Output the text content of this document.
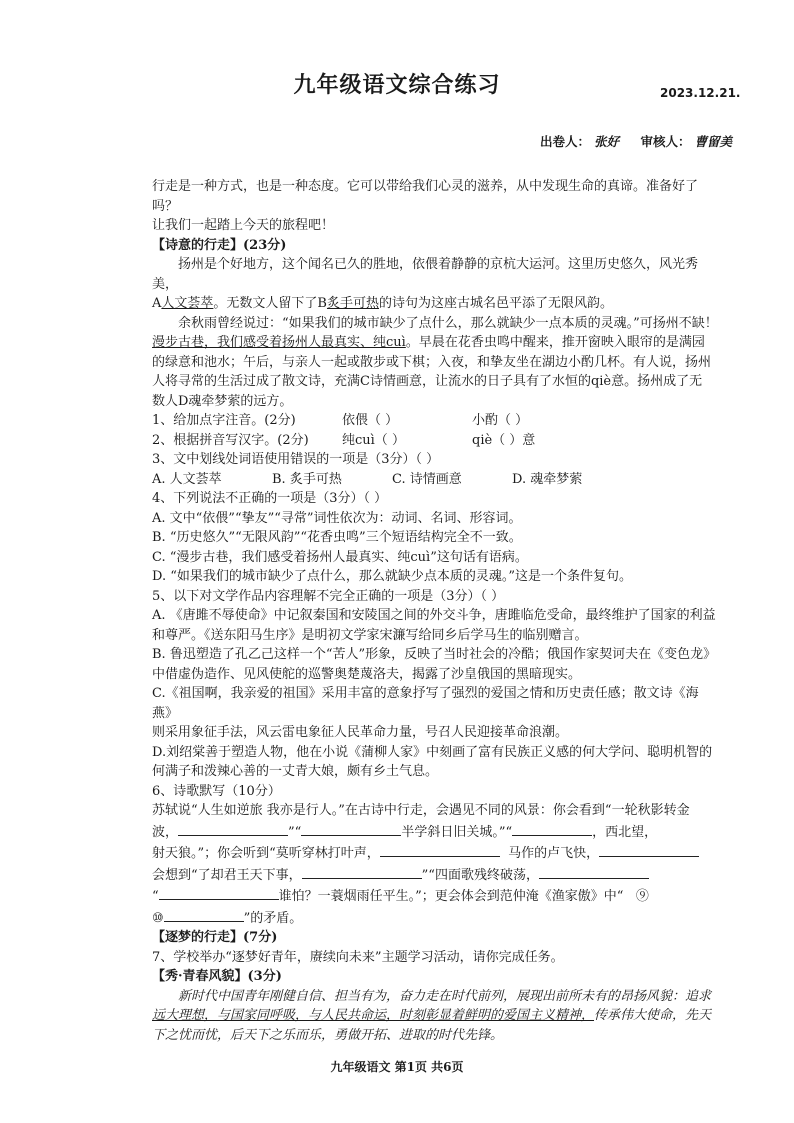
九年级语文综合练习	2023.12.21.
出卷人： 张好 审核人： 曹留美

行走是一种方式，也是一种态度。它可以带给我们心灵的滋养，从中发现生命的真谛。准备好了吗？

让我们一起踏上今天的旅程吧！

【诗意的行走】(23分)

扬州是个好地方，这个闻名已久的胜地，依偎着静静的京杭大运河。这里历史悠久，风光秀美，

A人文荟萃。无数文人留下了B炙手可热的诗句为这座古城名邑平添了无限风韵。

余秋雨曾经说过：“如果我们的城市缺少了点什么，那么就缺少一点本质的灵魂。”可扬州不缺！

漫步古巷，我们感受着扬州人最真实、纯cuì。早晨在花香虫鸣中醒来，推开窗映入眼帘的是满园

的绿意和池水；午后，与亲人一起或散步或下棋；入夜，和挚友坐在湖边小酌几杯。有人说，扬州

人将寻常的生活过成了散文诗，充满C诗情画意，让流水的日子具有了水恒的qiè意。扬州成了无

数人D魂牵梦萦的远方。

1、给加点字注音。(2分)	依偎（ ）	小酌（ ）

2、根据拼音写汉字。(2分)	纯cuì（ ）	qiè（ ）意

3、文中划线处词语使用错误的一项是（3分）（ ）

A. 人文荟萃	B. 炙手可热	C. 诗情画意	D. 魂牵梦萦

4、下列说法不正确的一项是（3分）（ ）

A. 文中“依偎”“挚友”“寻常”词性依次为：动词、名词、形容词。

B. “历史悠久”“无限风韵”“花香虫鸣”三个短语结构完全不一致。

C. “漫步古巷，我们感受着扬州人最真实、纯cuì”这句话有语病。

D. “如果我们的城市缺少了点什么，那么就缺少点本质的灵魂。”这是一个条件复句。

5、以下对文学作品内容理解不完全正确的一项是（3分）（ ）

A. 《唐雎不辱使命》中记叙秦国和安陵国之间的外交斗争，唐雎临危受命，最终维护了国家的利益

和尊严。《送东阳马生序》是明初文学家宋濂写给同乡后学马生的临别赠言。

B. 鲁迅塑造了孔乙己这样一个“苦人”形象，反映了当时社会的冷酷；俄国作家契诃夫在《变色龙》

中借虚伪造作、见风使舵的巡警奥楚蔑洛夫，揭露了沙皇俄国的黑暗现实。

C.《祖国啊，我亲爱的祖国》采用丰富的意象抒写了强烈的爱国之情和历史责任感；散文诗《海燕》

则采用象征手法，风云雷电象征人民革命力量，号召人民迎接革命浪潮。

D.刘绍棠善于塑造人物，他在小说《蒲柳人家》中刻画了富有民族正义感的何大学问、聪明机智的

何满子和泼辣心善的一丈青大娘，颇有乡土气息。

6、诗歌默写（10分）

苏轼说“人生如逆旅 我亦是行人。”在古诗中行走，会遇见不同的风景：你会看到“一轮秋影转金

波，	”“	半学斜日旧关城。”“	，西北望，

射天狼。”；你会听到“莫听穿林打叶声，	马作的卢飞快，

会想到“了却君王天下事，	”“四面歌残终破荡，

“	谁怕？一蓑烟雨任平生。”；更会体会到范仲淹《渔家傲》中“ ⑨

⑩	”的矛盾。

【逐梦的行走】(7分)

7、学校举办“逐梦好青年，赓续向未来”主题学习活动，请你完成任务。

【秀·青春风貌】(3分)

新时代中国青年刚健自信、担当有为，奋力走在时代前列，展现出前所未有的昂扬风貌：追求

远大理想，与国家同呼吸，与人民共命运，时刻彰显着鲜明的爱国主义精神，传承伟大使命，先天

下之忧而忧，后天下之乐而乐，勇做开拓、进取的时代先锋。

九年级语文 第1页 共6页
